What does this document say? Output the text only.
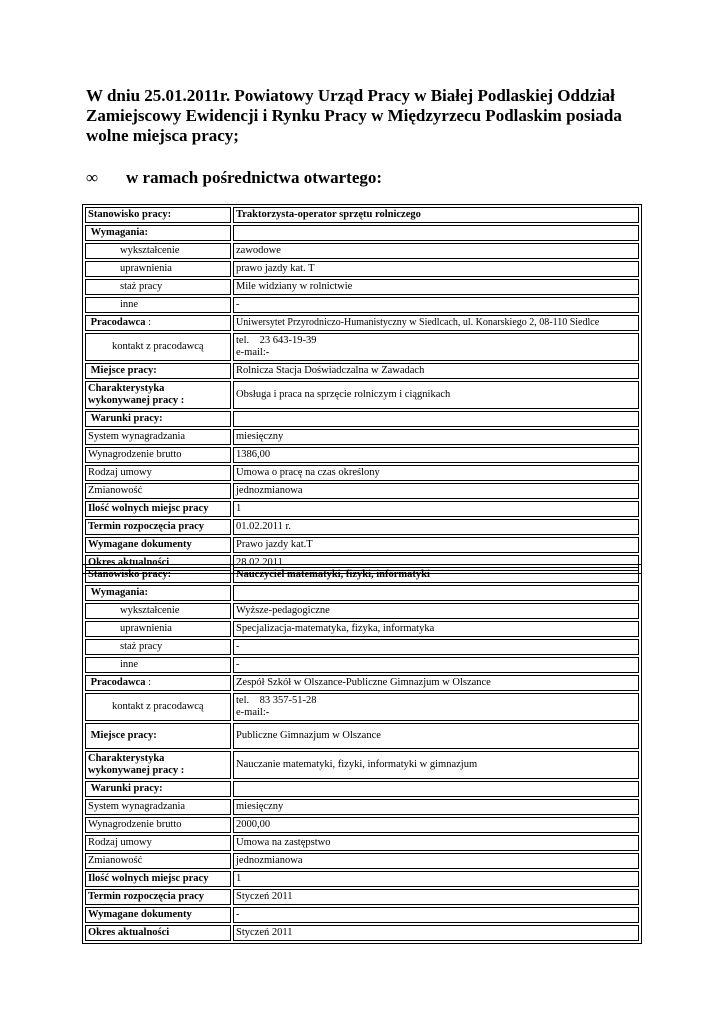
W dniu 25.01.2011r. Powiatowy Urząd Pracy w Białej Podlaskiej Oddział Zamiejscowy Ewidencji i Rynku Pracy w Międzyrzecu Podlaskim posiada wolne miejsca pracy;
∞ w ramach pośrednictwa otwartego:
Stanowisko pracy:	Traktorzysta-operator sprzętu rolniczego
Wymagania:	
wykształcenie	zawodowe
uprawnienia	prawo jazdy kat. T
staż pracy	Mile widziany w rolnictwie
inne	-
Pracodawca :	Uniwersytet Przyrodniczo-Humanistyczny w Siedlcach, ul. Konarskiego 2, 08-110 Siedlce
kontakt z pracodawcą	tel.    23 643-19-39
e-mail:-

Miejsce pracy:	Rolnicza Stacja Doświadczalna w Zawadach
Charakterystyka wykonywanej pracy :	Obsługa i praca na sprzęcie rolniczym i ciągnikach
Warunki pracy:	
System wynagradzania	miesięczny
Wynagrodzenie brutto	1386,00
Rodzaj umowy	Umowa o pracę na czas określony
Zmianowość	jednozmianowa
Ilość wolnych miejsc pracy	1
Termin rozpoczęcia pracy	01.02.2011 r.
Wymagane dokumenty	Prawo jazdy kat.T
Okres aktualności	28.02.2011
Stanowisko pracy:	Nauczyciel matematyki, fizyki, informatyki
Wymagania:	
wykształcenie	Wyższe-pedagogiczne
uprawnienia	Specjalizacja-matematyka, fizyka, informatyka
staż pracy	-
inne	-
Pracodawca :	Zespół Szkół w Olszance-Publiczne Gimnazjum w Olszance
kontakt z pracodawcą	tel.    83 357-51-28
e-mail:-

Miejsce pracy:	Publiczne Gimnazjum w Olszance
Charakterystyka wykonywanej pracy :	Nauczanie matematyki, fizyki, informatyki w gimnazjum
Warunki pracy:	
System wynagradzania	miesięczny
Wynagrodzenie brutto	2000,00
Rodzaj umowy	Umowa na zastępstwo
Zmianowość	jednozmianowa
Ilość wolnych miejsc pracy	1
Termin rozpoczęcia pracy	Styczeń 2011
Wymagane dokumenty	-
Okres aktualności	Styczeń 2011
